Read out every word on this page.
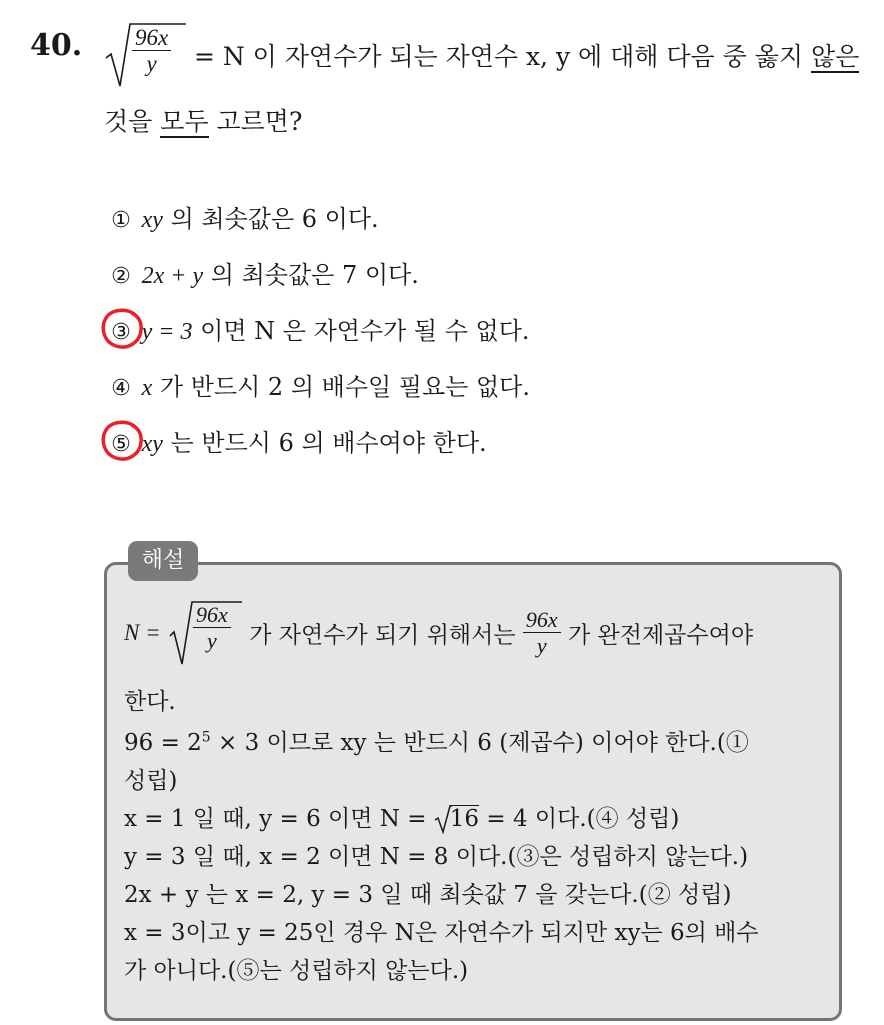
40. $\frac{96x}{y} = N$ 이 자연수가 되는 자연수 x, y 에 대해 다음 중 옳지 않은
것을 모두 고르면?
① xy 의 최솟값은 6 이다.
② 2x + y 의 최솟값은 7 이다.
③ y = 3 이면 N 은 자연수가 될 수 없다.
④ x 가 반드시 2 의 배수일 필요는 없다.
⑤ xy 는 반드시 6 의 배수여야 한다.
해설
$N = \frac{96x}{y}$ 가 자연수가 되기 위해서는 $\frac{96x}{y}$ 가 완전제곱수여야
한다.
$96 = 2^5 \times 3$ 이므로 xy 는 반드시 6 (제곱수) 이어야 한다.(①
성립)
x = 1 일 때, y = 6 이면 N =
16 = 4 이다.(④ 성립)
y = 3 일 때, x = 2 이면 N = 8 이다.(③은 성립하지 않는다.)
2x + y 는 x = 2, y = 3 일 때 최솟값 7 을 갖는다.(② 성립)
x = 3이고 y = 25인 경우 N은 자연수가 되지만 xy는 6의 배수
가 아니다.(⑤는 성립하지 않는다.)
